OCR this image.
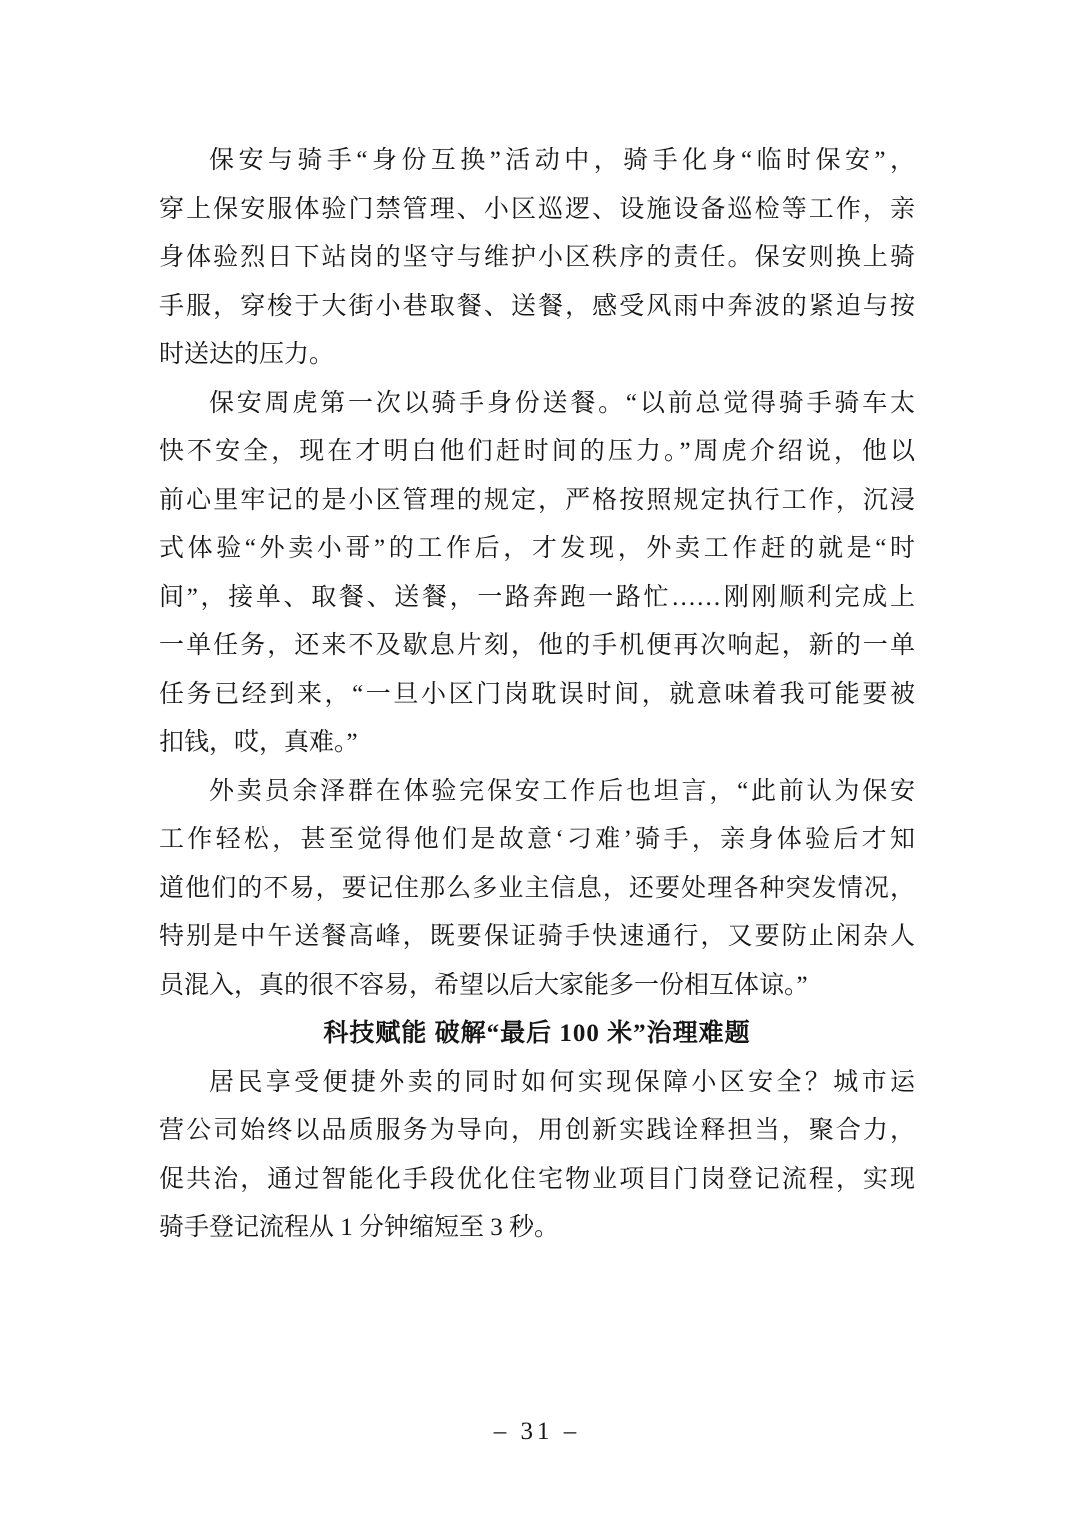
保安与骑手“身份互换”活动中，骑手化身“临时保安”，
穿上保安服体验门禁管理、小区巡逻、设施设备巡检等工作，亲
身体验烈日下站岗的坚守与维护小区秩序的责任。保安则换上骑
手服，穿梭于大街小巷取餐、送餐，感受风雨中奔波的紧迫与按
时送达的压力。
保安周虎第一次以骑手身份送餐。“以前总觉得骑手骑车太
快不安全，现在才明白他们赶时间的压力。”周虎介绍说，他以
前心里牢记的是小区管理的规定，严格按照规定执行工作，沉浸
式体验“外卖小哥”的工作后，才发现，外卖工作赶的就是“时
间”，接单、取餐、送餐，一路奔跑一路忙……刚刚顺利完成上
一单任务，还来不及歇息片刻，他的手机便再次响起，新的一单
任务已经到来，“一旦小区门岗耽误时间，就意味着我可能要被
扣钱，哎，真难。”
外卖员余泽群在体验完保安工作后也坦言，“此前认为保安
工作轻松，甚至觉得他们是故意‘刁难’骑手，亲身体验后才知
道他们的不易，要记住那么多业主信息，还要处理各种突发情况，
特别是中午送餐高峰，既要保证骑手快速通行，又要防止闲杂人
员混入，真的很不容易，希望以后大家能多一份相互体谅。”
科技赋能 破解“最后 100 米”治理难题
居民享受便捷外卖的同时如何实现保障小区安全？城市运
营公司始终以品质服务为导向，用创新实践诠释担当，聚合力，
促共治，通过智能化手段优化住宅物业项目门岗登记流程，实现
骑手登记流程从 1 分钟缩短至 3 秒。
– 31 –
